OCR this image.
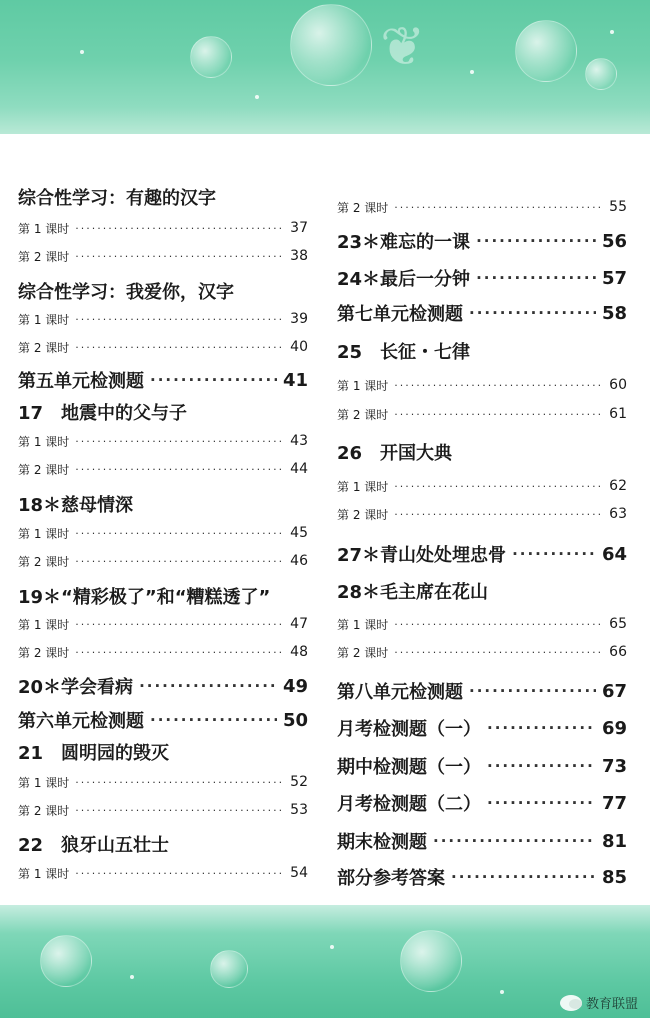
❦
综合性学习：有趣的汉字
第 1 课时 ·····	37
第 2 课时 ·····	38
综合性学习：我爱你，汉字
第 1 课时 ·····	39
第 2 课时 ·····	40
第五单元检测题 ·····	41
17　地震中的父与子
第 1 课时 ·····	43
第 2 课时 ·····	44
18＊慈母情深
第 1 课时 ·····	45
第 2 课时 ·····	46
19＊“精彩极了”和“糟糕透了”
第 1 课时 ·····	47
第 2 课时 ·····	48
20＊学会看病 ·····	49
第六单元检测题 ·····	50
21　圆明园的毁灭
第 1 课时 ·····	52
第 2 课时 ·····	53
22　狼牙山五壮士
第 1 课时 ·····	54
第 2 课时 ·····	55
23＊难忘的一课 ·····	56
24＊最后一分钟 ·····	57
第七单元检测题 ·····	58
25　长征・七律
第 1 课时 ·····	60
第 2 课时 ·····	61
26　开国大典
第 1 课时 ·····	62
第 2 课时 ·····	63
27＊青山处处埋忠骨 ·····	64
28＊毛主席在花山
第 1 课时 ·····	65
第 2 课时 ·····	66
第八单元检测题 ·····	67
月考检测题（一） ·····	69
期中检测题（一） ·····	73
月考检测题（二） ·····	77
期末检测题 ·····	81
部分参考答案 ·····	85
教育联盟
